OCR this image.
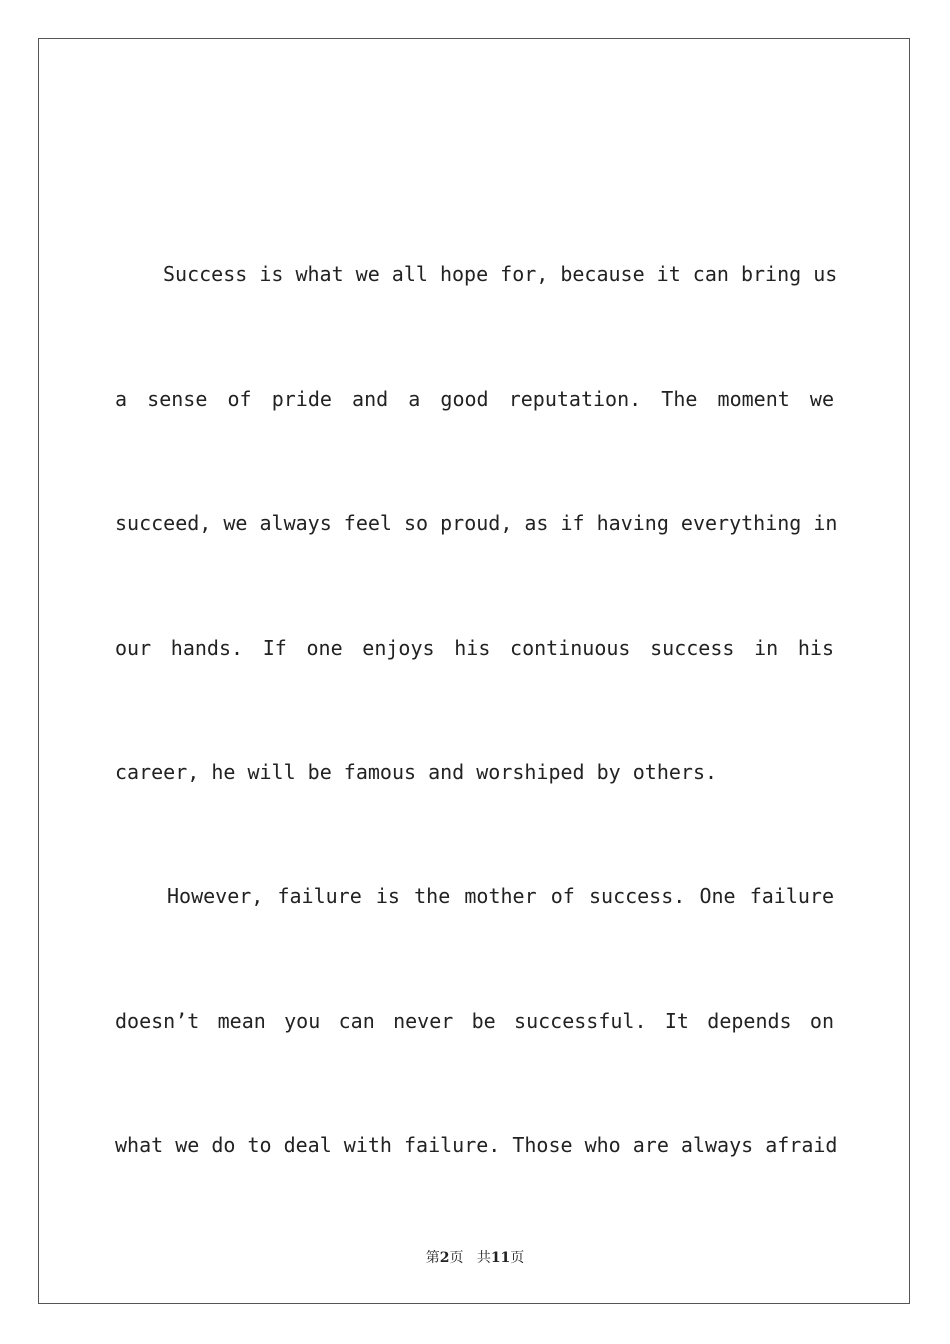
Success is what we all hope for, because it can bring us
a sense of pride and a good reputation. The moment we
succeed, we always feel so proud, as if having everything in
our hands. If one enjoys his continuous success in his
career, he will be famous and worshiped by others.
However, failure is the mother of success. One failure
doesn’t mean you can never be successful. It depends on
what we do to deal with failure. Those who are always afraid
第2页 共11页
